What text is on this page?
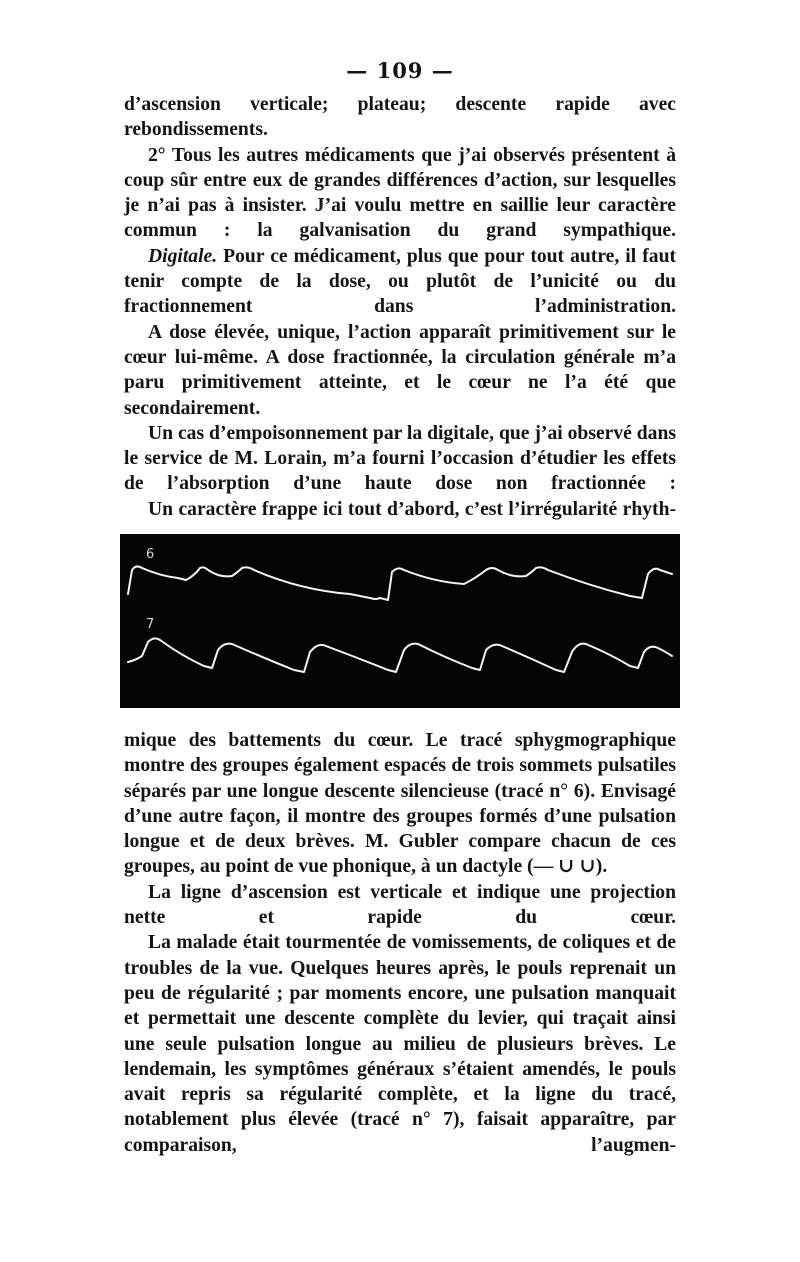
— 109 —

d’ascension verticale; plateau; descente rapide avec rebondissements.

2° Tous les autres médicaments que j’ai observés présentent à coup sûr entre eux de grandes différences d’action, sur lesquelles je n’ai pas à insister. J’ai voulu mettre en saillie leur caractère commun : la galvanisation du grand sympathique.

Digitale. Pour ce médicament, plus que pour tout autre, il faut tenir compte de la dose, ou plutôt de l’unicité ou du fractionnement dans l’administration.

A dose élevée, unique, l’action apparaît primitivement sur le cœur lui-même. A dose fractionnée, la circulation générale m’a paru primitivement atteinte, et le cœur ne l’a été que secondairement.

Un cas d’empoisonnement par la digitale, que j’ai observé dans le service de M. Lorain, m’a fourni l’occasion d’étudier les effets de l’absorption d’une haute dose non fractionnée :

Un caractère frappe ici tout d’abord, c’est l’irrégularité rhyth-

6
7

mique des battements du cœur. Le tracé sphygmographique montre des groupes également espacés de trois sommets pulsatiles séparés par une longue descente silencieuse (tracé n° 6). Envisagé d’une autre façon, il montre des groupes formés d’une pulsation longue et de deux brèves. M. Gubler compare chacun de ces groupes, au point de vue phonique, à un dactyle (— ∪ ∪).

La ligne d’ascension est verticale et indique une projection nette et rapide du cœur.

La malade était tourmentée de vomissements, de coliques et de troubles de la vue. Quelques heures après, le pouls reprenait un peu de régularité ; par moments encore, une pulsation manquait et permettait une descente complète du levier, qui traçait ainsi une seule pulsation longue au milieu de plusieurs brèves. Le lendemain, les symptômes généraux s’étaient amendés, le pouls avait repris sa régularité complète, et la ligne du tracé, notablement plus élevée (tracé n° 7), faisait apparaître, par comparaison, l’augmen-
